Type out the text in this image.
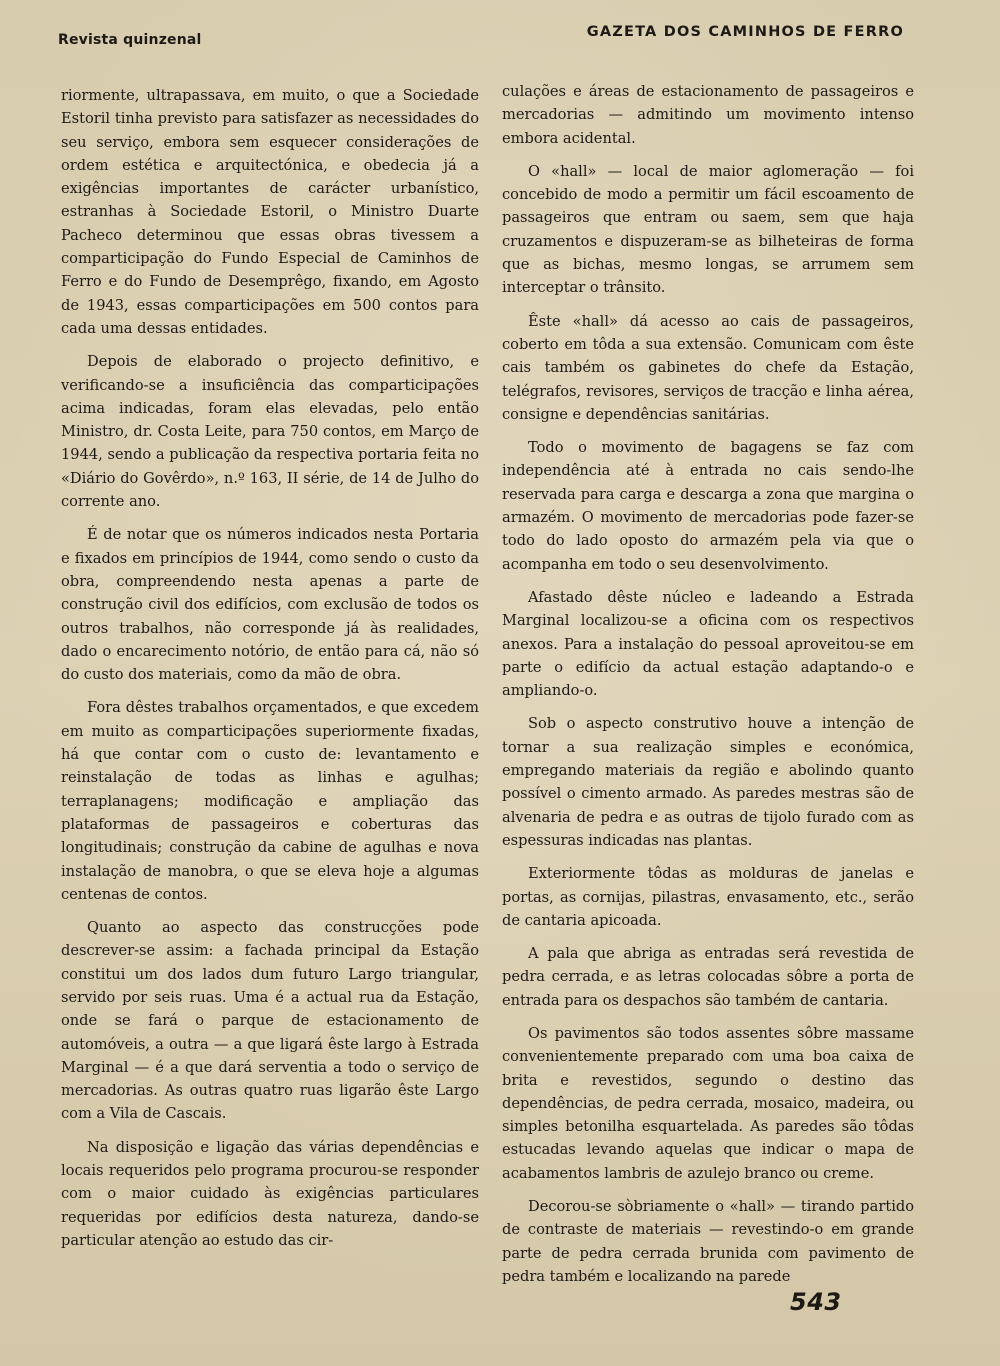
Revista quinzenal	GAZETA DOS CAMINHOS DE FERRO

riormente, ultrapassava, em muito, o que a Sociedade Estoril tinha previsto para satisfazer as necessidades do seu serviço, embora sem esquecer considerações de ordem estética e arquitectónica, e obedecia já a exigências importantes de carácter urbanístico, estranhas à Sociedade Estoril, o Ministro Duarte Pacheco determinou que essas obras tivessem a comparticipação do Fundo Especial de Caminhos de Ferro e do Fundo de Desemprêgo, fixando, em Agosto de 1943, essas comparticipações em 500 contos para cada uma dessas entidades.

Depois de elaborado o projecto definitivo, e verificando-se a insuficiência das comparticipações acima indicadas, foram elas elevadas, pelo então Ministro, dr. Costa Leite, para 750 contos, em Março de 1944, sendo a publicação da respectiva portaria feita no «Diário do Govêrdo», n.º 163, II série, de 14 de Julho do corrente ano.

É de notar que os números indicados nesta Portaria e fixados em princípios de 1944, como sendo o custo da obra, compreendendo nesta apenas a parte de construção civil dos edifícios, com exclusão de todos os outros trabalhos, não corresponde já às realidades, dado o encarecimento notório, de então para cá, não só do custo dos materiais, como da mão de obra.

Fora dêstes trabalhos orçamentados, e que excedem em muito as comparticipações superiormente fixadas, há que contar com o custo de: levantamento e reinstalação de todas as linhas e agulhas; terraplanagens; modificação e ampliação das plataformas de passageiros e coberturas das longitudinais; construção da cabine de agulhas e nova instalação de manobra, o que se eleva hoje a algumas centenas de contos.

Quanto ao aspecto das construcções pode descrever-se assim: a fachada principal da Estação constitui um dos lados dum futuro Largo triangular, servido por seis ruas. Uma é a actual rua da Estação, onde se fará o parque de estacionamento de automóveis, a outra — a que ligará êste largo à Estrada Marginal — é a que dará serventia a todo o serviço de mercadorias. As outras quatro ruas ligarão êste Largo com a Vila de Cascais.

Na disposição e ligação das várias dependências e locais requeridos pelo programa procurou-se responder com o maior cuidado às exigências particulares requeridas por edifícios desta natureza, dando-se particular atenção ao estudo das cir-

culações e áreas de estacionamento de passageiros e mercadorias — admitindo um movimento intenso embora acidental.

O «hall» — local de maior aglomeração — foi concebido de modo a permitir um fácil escoamento de passageiros que entram ou saem, sem que haja cruzamentos e dispuzeram-se as bilheteiras de forma que as bichas, mesmo longas, se arrumem sem interceptar o trânsito.

Êste «hall» dá acesso ao cais de passageiros, coberto em tôda a sua extensão. Comunicam com êste cais também os gabinetes do chefe da Estação, telégrafos, revisores, serviços de tracção e linha aérea, consigne e dependências sanitárias.

Todo o movimento de bagagens se faz com independência até à entrada no cais sendo-lhe reservada para carga e descarga a zona que margina o armazém. O movimento de mercadorias pode fazer-se todo do lado oposto do armazém pela via que o acompanha em todo o seu desenvolvimento.

Afastado dêste núcleo e ladeando a Estrada Marginal localizou-se a oficina com os respectivos anexos. Para a instalação do pessoal aproveitou-se em parte o edifício da actual estação adaptando-o e ampliando-o.

Sob o aspecto construtivo houve a intenção de tornar a sua realização simples e económica, empregando materiais da região e abolindo quanto possível o cimento armado. As paredes mestras são de alvenaria de pedra e as outras de tijolo furado com as espessuras indicadas nas plantas.

Exteriormente tôdas as molduras de janelas e portas, as cornijas, pilastras, envasamento, etc., serão de cantaria apicoada.

A pala que abriga as entradas será revestida de pedra cerrada, e as letras colocadas sôbre a porta de entrada para os despachos são também de cantaria.

Os pavimentos são todos assentes sôbre massame convenientemente preparado com uma boa caixa de brita e revestidos, segundo o destino das dependências, de pedra cerrada, mosaico, madeira, ou simples betonilha esquartelada. As paredes são tôdas estucadas levando aquelas que indicar o mapa de acabamentos lambris de azulejo branco ou creme.

Decorou-se sòbriamente o «hall» — tirando partido de contraste de materiais — revestindo-o em grande parte de pedra cerrada brunida com pavimento de pedra também e localizando na parede

543
